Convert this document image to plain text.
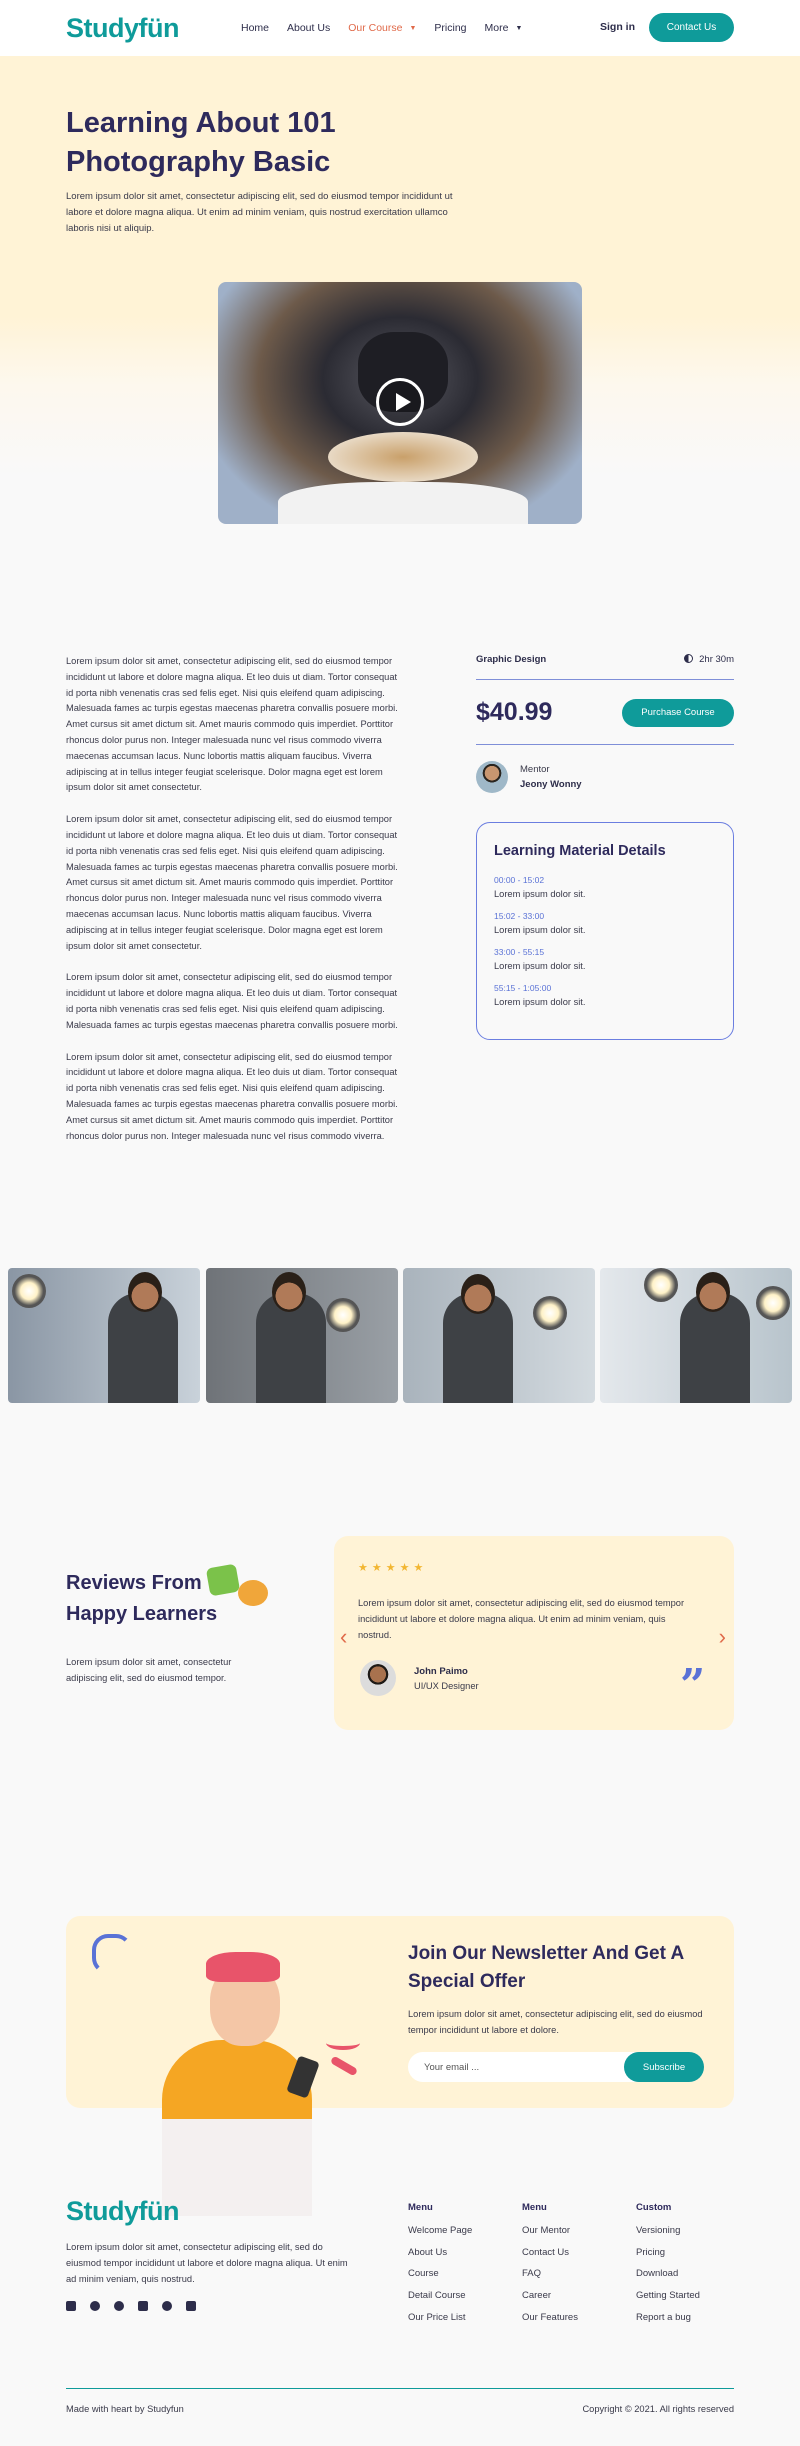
Studyfün	Home About Us Our Course ▼ Pricing More ▼	Sign in	Contact Us
Learning About 101 Photography Basic

Lorem ipsum dolor sit amet, consectetur adipiscing elit, sed do eiusmod tempor incididunt ut labore et dolore magna aliqua. Ut enim ad minim veniam, quis nostrud exercitation ullamco laboris nisi ut aliquip.

Lorem ipsum dolor sit amet, consectetur adipiscing elit, sed do eiusmod tempor incididunt ut labore et dolore magna aliqua. Et leo duis ut diam. Tortor consequat id porta nibh venenatis cras sed felis eget. Nisi quis eleifend quam adipiscing. Malesuada fames ac turpis egestas maecenas pharetra convallis posuere morbi. Amet cursus sit amet dictum sit. Amet mauris commodo quis imperdiet. Porttitor rhoncus dolor purus non. Integer malesuada nunc vel risus commodo viverra maecenas accumsan lacus. Nunc lobortis mattis aliquam faucibus. Viverra adipiscing at in tellus integer feugiat scelerisque. Dolor magna eget est lorem ipsum dolor sit amet consectetur.

Lorem ipsum dolor sit amet, consectetur adipiscing elit, sed do eiusmod tempor incididunt ut labore et dolore magna aliqua. Et leo duis ut diam. Tortor consequat id porta nibh venenatis cras sed felis eget. Nisi quis eleifend quam adipiscing. Malesuada fames ac turpis egestas maecenas pharetra convallis posuere morbi. Amet cursus sit amet dictum sit. Amet mauris commodo quis imperdiet. Porttitor rhoncus dolor purus non. Integer malesuada nunc vel risus commodo viverra maecenas accumsan lacus. Nunc lobortis mattis aliquam faucibus. Viverra adipiscing at in tellus integer feugiat scelerisque. Dolor magna eget est lorem ipsum dolor sit amet consectetur.

Lorem ipsum dolor sit amet, consectetur adipiscing elit, sed do eiusmod tempor incididunt ut labore et dolore magna aliqua. Et leo duis ut diam. Tortor consequat id porta nibh venenatis cras sed felis eget. Nisi quis eleifend quam adipiscing. Malesuada fames ac turpis egestas maecenas pharetra convallis posuere morbi.

Lorem ipsum dolor sit amet, consectetur adipiscing elit, sed do eiusmod tempor incididunt ut labore et dolore magna aliqua. Et leo duis ut diam. Tortor consequat id porta nibh venenatis cras sed felis eget. Nisi quis eleifend quam adipiscing. Malesuada fames ac turpis egestas maecenas pharetra convallis posuere morbi. Amet cursus sit amet dictum sit. Amet mauris commodo quis imperdiet. Porttitor rhoncus dolor purus non. Integer malesuada nunc vel risus commodo viverra.

Graphic Design	2hr 30m
$40.99	Purchase Course
Mentor
Jeony Wonny
Learning Material Details
00:00 - 15:02
Lorem ipsum dolor sit.
15:02 - 33:00
Lorem ipsum dolor sit.
33:00 - 55:15
Lorem ipsum dolor sit.
55:15 - 1:05:00
Lorem ipsum dolor sit.
Reviews From Happy Learners

Lorem ipsum dolor sit amet, consectetur adipiscing elit, sed do eiusmod tempor.

‹	›
★★★★★

Lorem ipsum dolor sit amet, consectetur adipiscing elit, sed do eiusmod tempor incididunt ut labore et dolore magna aliqua. Ut enim ad minim veniam, quis nostrud.

John Paimo
UI/UX Designer	”
Join Our Newsletter And Get A Special Offer

Lorem ipsum dolor sit amet, consectetur adipiscing elit, sed do eiusmod tempor incididunt ut labore et dolore.

Your email ...
Subscribe
Studyfün

Lorem ipsum dolor sit amet, consectetur adipiscing elit, sed do eiusmod tempor incididunt ut labore et dolore magna aliqua. Ut enim ad minim veniam, quis nostrud.

Menu
Welcome Page
About Us
Course
Detail Course
Our Price List
Menu
Our Mentor
Contact Us
FAQ
Career
Our Features
Custom
Versioning
Pricing
Download
Getting Started
Report a bug
Made with heart by Studyfun	Copyright © 2021. All rights reserved
